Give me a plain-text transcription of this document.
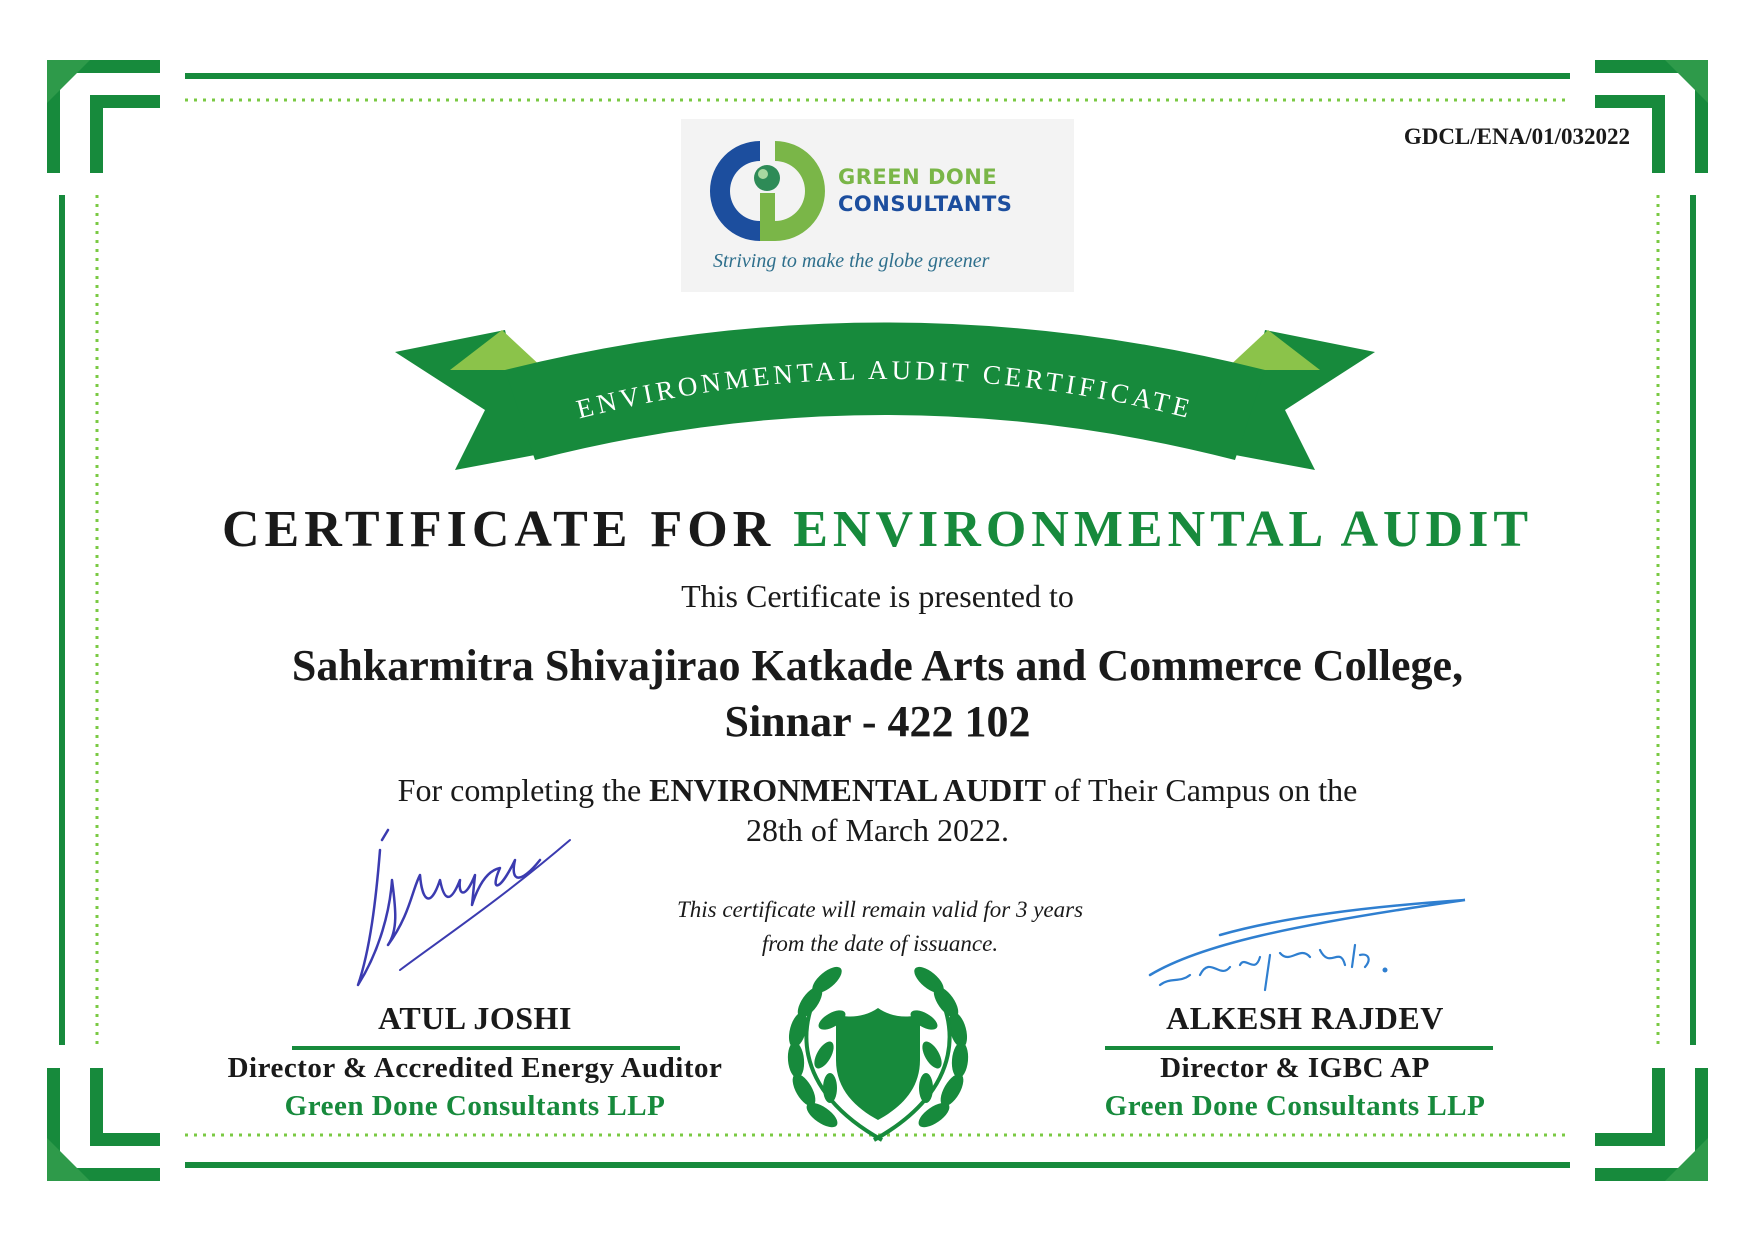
GDCL/ENA/01/032022
GREEN DONE
CONSULTANTS
Striving to make the globe greener
ENVIRONMENTAL AUDIT CERTIFICATE
CERTIFICATE FOR ENVIRONMENTAL AUDIT
This Certificate is presented to
Sahkarmitra Shivajirao Katkade Arts and Commerce College,
Sinnar - 422 102
For completing the ENVIRONMENTAL AUDIT of Their Campus on the
28th of March 2022.
This certificate will remain valid for 3 years
from the date of issuance.
ATUL JOSHI
Director & Accredited Energy Auditor
Green Done Consultants LLP
ALKESH RAJDEV
Director & IGBC AP
Green Done Consultants LLP
